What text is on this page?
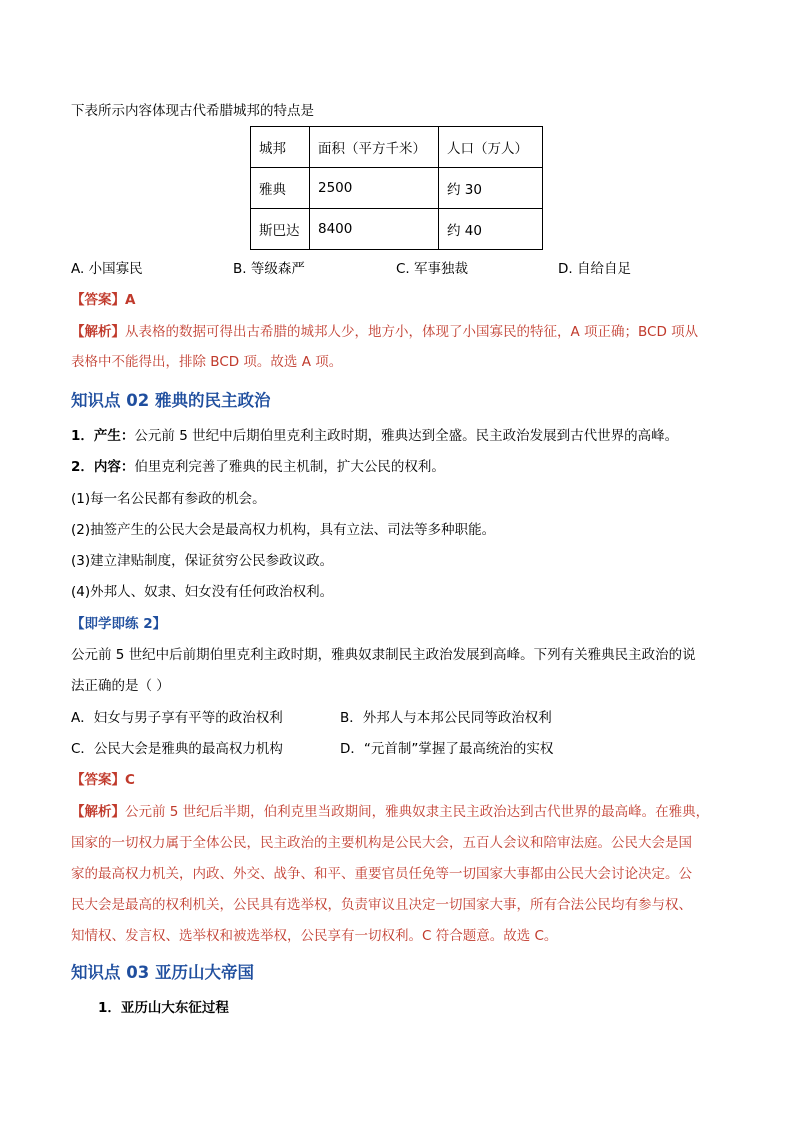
下表所示内容体现古代希腊城邦的特点是
城邦	面积（平方千米）	人口（万人）
雅典	2500	约 30
斯巴达	8400	约 40
A. 小国寡民	B. 等级森严	C. 军事独裁	D. 自给自足
【答案】A
【解析】从表格的数据可得出古希腊的城邦人少，地方小，体现了小国寡民的特征，A 项正确；BCD 项从
表格中不能得出，排除 BCD 项。故选 A 项。
知识点 02 雅典的民主政治
1．产生：公元前 5 世纪中后期伯里克利主政时期，雅典达到全盛。民主政治发展到古代世界的高峰。
2．内容：伯里克利完善了雅典的民主机制，扩大公民的权利。
(1)每一名公民都有参政的机会。
(2)抽签产生的公民大会是最高权力机构，具有立法、司法等多种职能。
(3)建立津贴制度，保证贫穷公民参政议政。
(4)外邦人、奴隶、妇女没有任何政治权利。
【即学即练 2】
公元前 5 世纪中后前期伯里克利主政时期，雅典奴隶制民主政治发展到高峰。下列有关雅典民主政治的说
法正确的是（ ）
A．妇女与男子享有平等的政治权利	B．外邦人与本邦公民同等政治权利
C．公民大会是雅典的最高权力机构	D．“元首制”掌握了最高统治的实权
【答案】C
【解析】公元前 5 世纪后半期，伯利克里当政期间，雅典奴隶主民主政治达到古代世界的最高峰。在雅典，
国家的一切权力属于全体公民，民主政治的主要机构是公民大会，五百人会议和陪审法庭。公民大会是国
家的最高权力机关，内政、外交、战争、和平、重要官员任免等一切国家大事都由公民大会讨论决定。公
民大会是最高的权利机关，公民具有选举权，负责审议且决定一切国家大事，所有合法公民均有参与权、
知情权、发言权、选举权和被选举权，公民享有一切权利。C 符合题意。故选 C。
知识点 03 亚历山大帝国
1．亚历山大东征过程
